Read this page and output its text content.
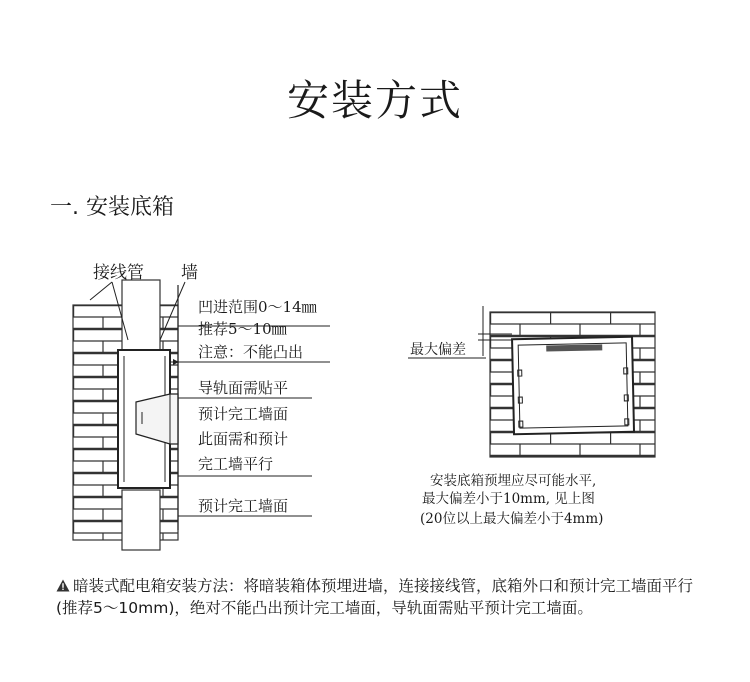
安装方式
一. 安装底箱
接线管 墙
凹进范围0～14㎜
推荐5～10㎜
注意：不能凸出
导轨面需贴平
预计完工墙面
此面需和预计
完工墙平行
预计完工墙面
最大偏差
安装底箱预埋应尽可能水平,
最大偏差小于10mm, 见上图
(20位以上最大偏差小于4mm)

暗装式配电箱安装方法：将暗装箱体预埋进墙，连接接线管，底箱外口和预计完工墙面平行(推荐5～10mm)，绝对不能凸出预计完工墙面，导轨面需贴平预计完工墙面。
